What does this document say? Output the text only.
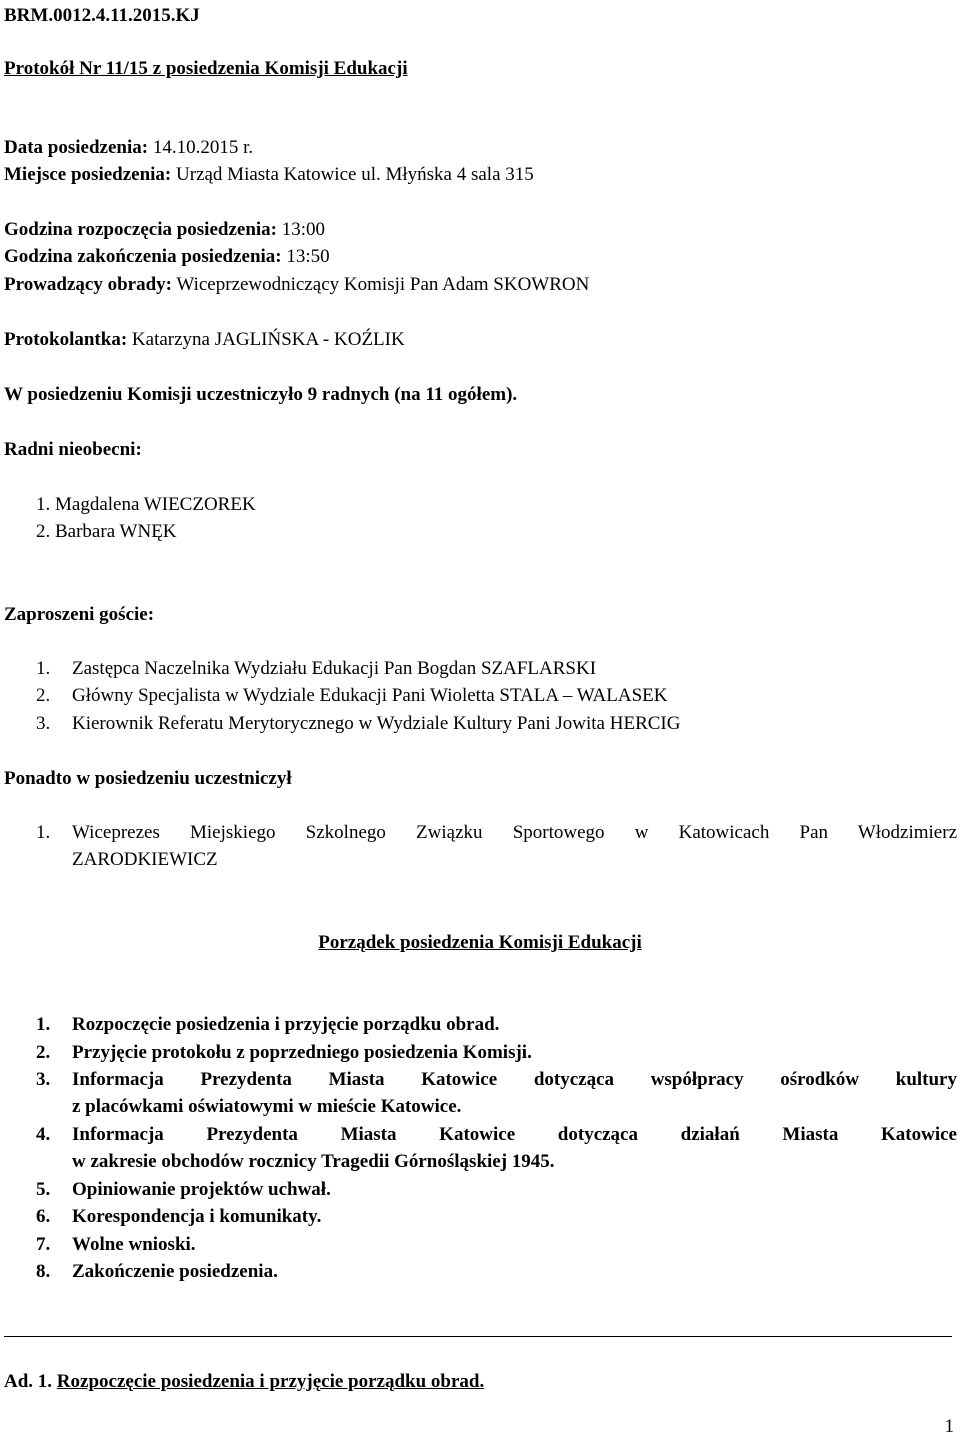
BRM.0012.4.11.2015.KJ
Protokół Nr 11/15 z posiedzenia Komisji Edukacji
Data posiedzenia: 14.10.2015 r.
Miejsce posiedzenia: Urząd Miasta Katowice ul. Młyńska 4 sala 315
Godzina rozpoczęcia posiedzenia: 13:00
Godzina zakończenia posiedzenia: 13:50
Prowadzący obrady: Wiceprzewodniczący Komisji Pan Adam SKOWRON
Protokolantka: Katarzyna JAGLIŃSKA - KOŹLIK
W posiedzeniu Komisji uczestniczyło 9 radnych (na 11 ogółem).
Radni nieobecni:
1. Magdalena WIECZOREK
2. Barbara WNĘK
Zaproszeni goście:
1. Zastępca Naczelnika Wydziału Edukacji Pan Bogdan SZAFLARSKI
2. Główny Specjalista w Wydziale Edukacji Pani Wioletta STALA – WALASEK
3. Kierownik Referatu Merytorycznego w Wydziale Kultury Pani Jowita HERCIG
Ponadto w posiedzeniu uczestniczył
1. Wiceprezes Miejskiego Szkolnego Związku Sportowego w Katowicach Pan Włodzimierz
ZARODKIEWICZ
Porządek posiedzenia Komisji Edukacji
1. Rozpoczęcie posiedzenia i przyjęcie porządku obrad.
2. Przyjęcie protokołu z poprzedniego posiedzenia Komisji.
3. Informacja Prezydenta Miasta Katowice dotycząca współpracy ośrodków kultury
z placówkami oświatowymi w mieście Katowice.
4. Informacja Prezydenta Miasta Katowice dotycząca działań Miasta Katowice
w zakresie obchodów rocznicy Tragedii Górnośląskiej 1945.
5. Opiniowanie projektów uchwał.
6. Korespondencja i komunikaty.
7. Wolne wnioski.
8. Zakończenie posiedzenia.
Ad. 1. Rozpoczęcie posiedzenia i przyjęcie porządku obrad.
1
